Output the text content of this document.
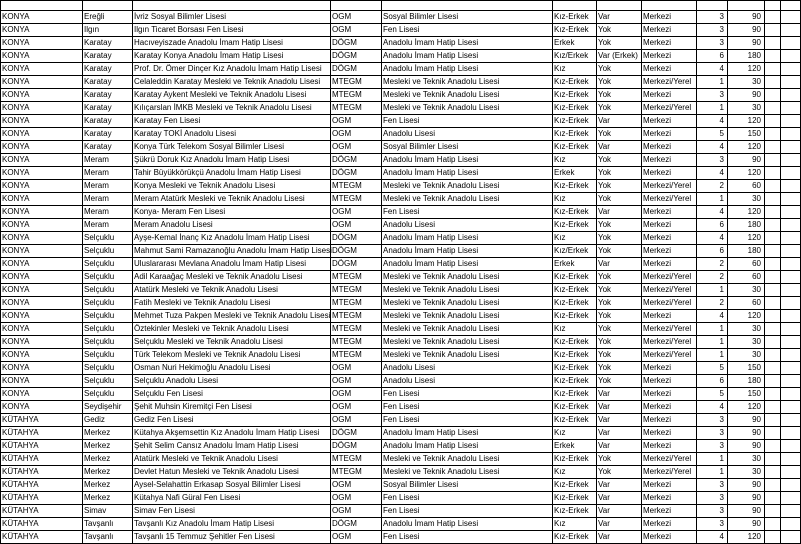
KONYA	Ereğli	İvriz Sosyal Bilimler Lisesi	OGM	Sosyal Bilimler Lisesi	Kız-Erkek	Var	Merkezi	3	90		
KONYA	Ilgın	Ilgın Ticaret Borsası Fen Lisesi	OGM	Fen Lisesi	Kız-Erkek	Yok	Merkezi	3	90		
KONYA	Karatay	Hacıveyiszade Anadolu İmam Hatip Lisesi	DÖGM	Anadolu İmam Hatip Lisesi	Erkek	Yok	Merkezi	3	90		
KONYA	Karatay	Karatay Konya Anadolu İmam Hatip Lisesi	DÖGM	Anadolu İmam Hatip Lisesi	Kız/Erkek	Var (Erkek)	Merkezi	6	180		
KONYA	Karatay	Prof. Dr. Ömer Dinçer Kız Anadolu İmam Hatip Lisesi	DÖGM	Anadolu İmam Hatip Lisesi	Kız	Yok	Merkezi	4	120		
KONYA	Karatay	Celaleddin Karatay Mesleki ve Teknik Anadolu Lisesi	MTEGM	Mesleki ve Teknik Anadolu Lisesi	Kız-Erkek	Yok	Merkezi/Yerel	1	30		
KONYA	Karatay	Karatay Aykent Mesleki ve Teknik Anadolu Lisesi	MTEGM	Mesleki ve Teknik Anadolu Lisesi	Kız-Erkek	Yok	Merkezi	3	90		
KONYA	Karatay	Kılıçarslan İMKB Mesleki ve Teknik Anadolu Lisesi	MTEGM	Mesleki ve Teknik Anadolu Lisesi	Kız-Erkek	Yok	Merkezi/Yerel	1	30		
KONYA	Karatay	Karatay Fen Lisesi	OGM	Fen Lisesi	Kız-Erkek	Var	Merkezi	4	120		
KONYA	Karatay	Karatay TOKİ Anadolu Lisesi	OGM	Anadolu Lisesi	Kız-Erkek	Yok	Merkezi	5	150		
KONYA	Karatay	Konya Türk Telekom Sosyal Bilimler Lisesi	OGM	Sosyal Bilimler Lisesi	Kız-Erkek	Var	Merkezi	4	120		
KONYA	Meram	Şükrü Doruk Kız Anadolu İmam Hatip Lisesi	DÖGM	Anadolu İmam Hatip Lisesi	Kız	Yok	Merkezi	3	90		
KONYA	Meram	Tahir Büyükkörükçü Anadolu İmam Hatip Lisesi	DÖGM	Anadolu İmam Hatip Lisesi	Erkek	Yok	Merkezi	4	120		
KONYA	Meram	Konya Mesleki ve Teknik Anadolu Lisesi	MTEGM	Mesleki ve Teknik Anadolu Lisesi	Kız-Erkek	Yok	Merkezi/Yerel	2	60		
KONYA	Meram	Meram Atatürk Mesleki ve Teknik Anadolu Lisesi	MTEGM	Mesleki ve Teknik Anadolu Lisesi	Kız	Yok	Merkezi/Yerel	1	30		
KONYA	Meram	Konya- Meram Fen Lisesi	OGM	Fen Lisesi	Kız-Erkek	Var	Merkezi	4	120		
KONYA	Meram	Meram Anadolu Lisesi	OGM	Anadolu Lisesi	Kız-Erkek	Yok	Merkezi	6	180		
KONYA	Selçuklu	Ayşe-Kemal İnanç Kız Anadolu İmam Hatip Lisesi	DÖGM	Anadolu İmam Hatip Lisesi	Kız	Yok	Merkezi	4	120		
KONYA	Selçuklu	Mahmut Sami Ramazanoğlu Anadolu İmam Hatip Lisesi	DÖGM	Anadolu İmam Hatip Lisesi	Kız/Erkek	Yok	Merkezi	6	180		
KONYA	Selçuklu	Uluslararası Mevlana Anadolu İmam Hatip Lisesi	DÖGM	Anadolu İmam Hatip Lisesi	Erkek	Var	Merkezi	2	60		
KONYA	Selçuklu	Adil Karaağaç Mesleki ve Teknik Anadolu Lisesi	MTEGM	Mesleki ve Teknik Anadolu Lisesi	Kız-Erkek	Yok	Merkezi/Yerel	2	60		
KONYA	Selçuklu	Atatürk Mesleki ve Teknik Anadolu Lisesi	MTEGM	Mesleki ve Teknik Anadolu Lisesi	Kız-Erkek	Yok	Merkezi/Yerel	1	30		
KONYA	Selçuklu	Fatih Mesleki ve Teknik Anadolu Lisesi	MTEGM	Mesleki ve Teknik Anadolu Lisesi	Kız-Erkek	Yok	Merkezi/Yerel	2	60		
KONYA	Selçuklu	Mehmet Tuza Pakpen Mesleki ve Teknik Anadolu Lisesi	MTEGM	Mesleki ve Teknik Anadolu Lisesi	Kız-Erkek	Yok	Merkezi	4	120		
KONYA	Selçuklu	Öztekinler Mesleki ve Teknik Anadolu Lisesi	MTEGM	Mesleki ve Teknik Anadolu Lisesi	Kız	Yok	Merkezi/Yerel	1	30		
KONYA	Selçuklu	Selçuklu Mesleki ve Teknik Anadolu Lisesi	MTEGM	Mesleki ve Teknik Anadolu Lisesi	Kız-Erkek	Yok	Merkezi/Yerel	1	30		
KONYA	Selçuklu	Türk Telekom Mesleki ve Teknik Anadolu Lisesi	MTEGM	Mesleki ve Teknik Anadolu Lisesi	Kız-Erkek	Yok	Merkezi/Yerel	1	30		
KONYA	Selçuklu	Osman Nuri Hekimoğlu Anadolu Lisesi	OGM	Anadolu Lisesi	Kız-Erkek	Yok	Merkezi	5	150		
KONYA	Selçuklu	Selçuklu Anadolu Lisesi	OGM	Anadolu Lisesi	Kız-Erkek	Yok	Merkezi	6	180		
KONYA	Selçuklu	Selçuklu Fen Lisesi	OGM	Fen Lisesi	Kız-Erkek	Var	Merkezi	5	150		
KONYA	Seydişehir	Şehit Muhsin Kiremitçi Fen Lisesi	OGM	Fen Lisesi	Kız-Erkek	Var	Merkezi	4	120		
KÜTAHYA	Gediz	Gediz Fen Lisesi	OGM	Fen Lisesi	Kız-Erkek	Var	Merkezi	3	90		
KÜTAHYA	Merkez	Kütahya Akşemsettin Kız Anadolu İmam Hatip Lisesi	DÖGM	Anadolu İmam Hatip Lisesi	Kız	Var	Merkezi	3	90		
KÜTAHYA	Merkez	Şehit Selim Cansız Anadolu İmam Hatip Lisesi	DÖGM	Anadolu İmam Hatip Lisesi	Erkek	Var	Merkezi	3	90		
KÜTAHYA	Merkez	Atatürk Mesleki ve Teknik Anadolu Lisesi	MTEGM	Mesleki ve Teknik Anadolu Lisesi	Kız-Erkek	Yok	Merkezi/Yerel	1	30		
KÜTAHYA	Merkez	Devlet Hatun Mesleki ve Teknik Anadolu Lisesi	MTEGM	Mesleki ve Teknik Anadolu Lisesi	Kız	Yok	Merkezi/Yerel	1	30		
KÜTAHYA	Merkez	Aysel-Selahattin Erkasap Sosyal Bilimler Lisesi	OGM	Sosyal Bilimler Lisesi	Kız-Erkek	Var	Merkezi	3	90		
KÜTAHYA	Merkez	Kütahya Nafi Güral Fen Lisesi	OGM	Fen Lisesi	Kız-Erkek	Var	Merkezi	3	90		
KÜTAHYA	Simav	Simav Fen Lisesi	OGM	Fen Lisesi	Kız-Erkek	Var	Merkezi	3	90		
KÜTAHYA	Tavşanlı	Tavşanlı Kız Anadolu İmam Hatip Lisesi	DÖGM	Anadolu İmam Hatip Lisesi	Kız	Var	Merkezi	3	90		
KÜTAHYA	Tavşanlı	Tavşanlı 15 Temmuz Şehitler Fen Lisesi	OGM	Fen Lisesi	Kız-Erkek	Var	Merkezi	4	120		
